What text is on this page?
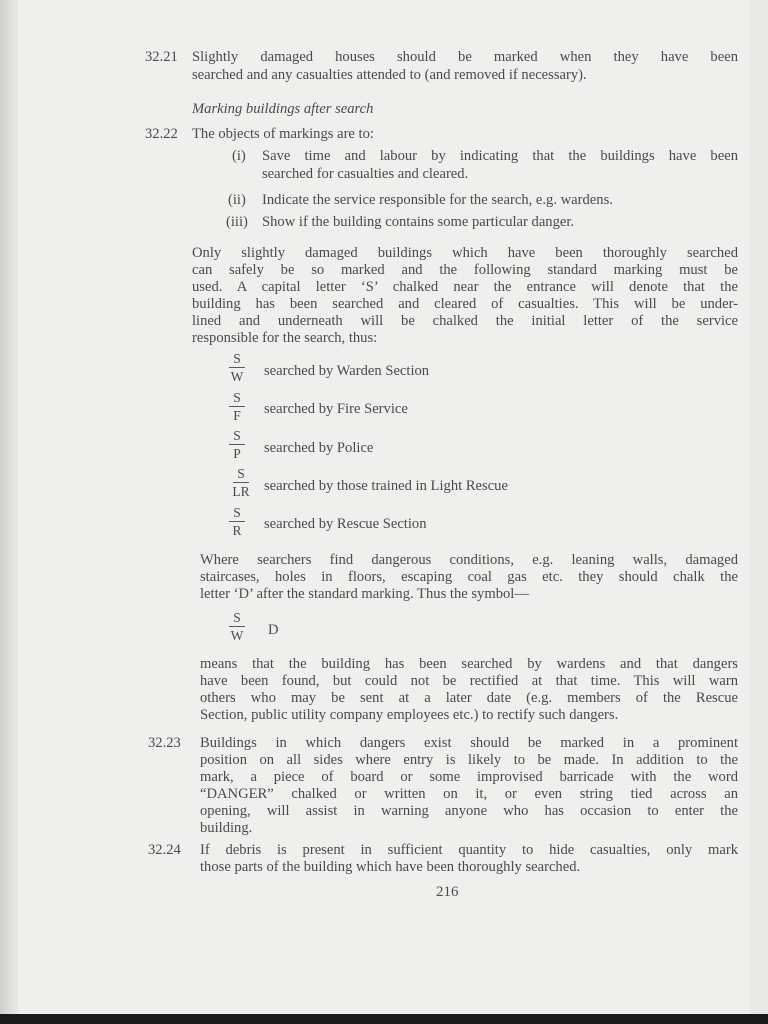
32.21 Slightly damaged houses should be marked when they have been
searched and any casualties attended to (and removed if necessary).
Marking buildings after search
32.22 The objects of markings are to:
(i) Save time and labour by indicating that the buildings have been
searched for casualties and cleared.
(ii) Indicate the service responsible for the search, e.g. wardens.
(iii) Show if the building contains some particular danger.
Only slightly damaged buildings which have been thoroughly searched
can safely be so marked and the following standard marking must be
used. A capital letter ‘S’ chalked near the entrance will denote that the
building has been searched and cleared of casualties. This will be under-
lined and underneath will be chalked the initial letter of the service
responsible for the search, thus:
S
W	searched by Warden Section
S
F	searched by Fire Service
S
P	searched by Police
S
LR searched by those trained in Light Rescue
S
R	searched by Rescue Section
Where searchers find dangerous conditions, e.g. leaning walls, damaged
staircases, holes in floors, escaping coal gas etc. they should chalk the
letter ‘D’ after the standard marking. Thus the symbol—
S
W	D
means that the building has been searched by wardens and that dangers
have been found, but could not be rectified at that time. This will warn
others who may be sent at a later date (e.g. members of the Rescue
Section, public utility company employees etc.) to rectify such dangers.
32.23 Buildings in which dangers exist should be marked in a prominent
position on all sides where entry is likely to be made. In addition to the
mark, a piece of board or some improvised barricade with the word
“DANGER” chalked or written on it, or even string tied across an
opening, will assist in warning anyone who has occasion to enter the
building.
32.24 If debris is present in sufficient quantity to hide casualties, only mark
those parts of the building which have been thoroughly searched.
216
